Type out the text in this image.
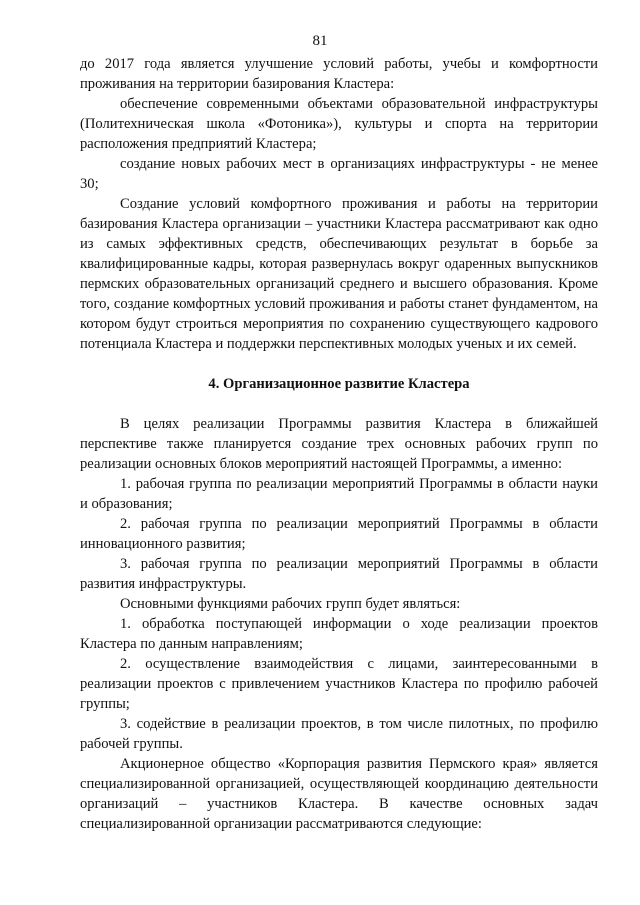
81

до 2017 года является улучшение условий работы, учебы и комфортности проживания на территории базирования Кластера:

обеспечение современными объектами образовательной инфраструктуры (Политехническая школа «Фотоника»), культуры и спорта на территории расположения предприятий Кластера;

создание новых рабочих мест в организациях инфраструктуры - не менее 30;

Создание условий комфортного проживания и работы на территории базирования Кластера организации – участники Кластера рассматривают как одно из самых эффективных средств, обеспечивающих результат в борьбе за квалифицированные кадры, которая развернулась вокруг одаренных выпускников пермских образовательных организаций среднего и высшего образования. Кроме того, создание комфортных условий проживания и работы станет фундаментом, на котором будут строиться мероприятия по сохранению существующего кадрового потенциала Кластера и поддержки перспективных молодых ученых и их семей.

4. Организационное развитие Кластера

В целях реализации Программы развития Кластера в ближайшей перспективе также планируется создание трех основных рабочих групп по реализации основных блоков мероприятий настоящей Программы, а именно:

1. рабочая группа по реализации мероприятий Программы в области науки и образования;

2. рабочая группа по реализации мероприятий Программы в области инновационного развития;

3. рабочая группа по реализации мероприятий Программы в области развития инфраструктуры.

Основными функциями рабочих групп будет являться:

1. обработка поступающей информации о ходе реализации проектов Кластера по данным направлениям;

2. осуществление взаимодействия с лицами, заинтересованными в реализации проектов с привлечением участников Кластера по профилю рабочей группы;

3. содействие в реализации проектов, в том числе пилотных, по профилю рабочей группы.

Акционерное общество «Корпорация развития Пермского края» является специализированной организацией, осуществляющей координацию деятельности организаций – участников Кластера. В качестве основных задач специализированной организации рассматриваются следующие:
